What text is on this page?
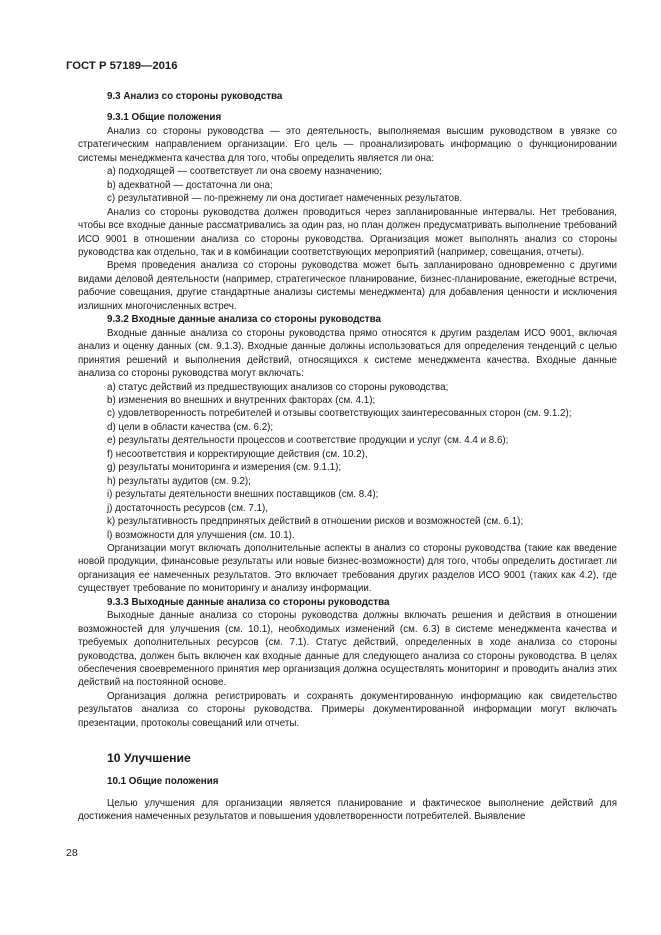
ГОСТ Р 57189—2016
9.3 Анализ со стороны руководства
9.3.1 Общие положения

Анализ со стороны руководства — это деятельность, выполняемая высшим руководством в увязке со стратегическим направлением организации. Его цель — проанализировать информацию о функционировании системы менеджмента качества для того, чтобы определить является ли она:

a) подходящей — соответствует ли она своему назначению;

b) адекватной — достаточна ли она;

c) результативной — по-прежнему ли она достигает намеченных результатов.

Анализ со стороны руководства должен проводиться через запланированные интервалы. Нет требования, чтобы все входные данные рассматривались за один раз, но план должен предусматривать выполнение требований ИСО 9001 в отношении анализа со стороны руководства. Организация может выполнять анализ со стороны руководства как отдельно, так и в комбинации соответствующих мероприятий (например, совещания, отчеты).

Время проведения анализа со стороны руководства может быть запланировано одновременно с другими видами деловой деятельности (например, стратегическое планирование, бизнес-планирование, ежегодные встречи, рабочие совещания, другие стандартные анализы системы менеджмента) для добавления ценности и исключения излишних многочисленных встреч.

9.3.2 Входные данные анализа со стороны руководства

Входные данные анализа со стороны руководства прямо относятся к другим разделам ИСО 9001, включая анализ и оценку данных (см. 9.1.3). Входные данные должны использоваться для определения тенденций с целью принятия решений и выполнения действий, относящихся к системе менеджмента качества. Входные данные анализа со стороны руководства могут включать:

a) статус действий из предшествующих анализов со стороны руководства;

b) изменения во внешних и внутренних факторах (см. 4.1);

c) удовлетворенность потребителей и отзывы соответствующих заинтересованных сторон (см. 9.1.2);

d) цели в области качества (см. 6.2);

e) результаты деятельности процессов и соответствие продукции и услуг (см. 4.4 и 8.6);

f) несоответствия и корректирующие действия (см. 10.2),

g) результаты мониторинга и измерения (см. 9.1.1);

h) результаты аудитов (см. 9.2);

i) результаты деятельности внешних поставщиков (см. 8.4);

j) достаточность ресурсов (см. 7.1),

k) результативность предпринятых действий в отношении рисков и возможностей (см. 6.1);

l) возможности для улучшения (см. 10.1).

Организации могут включать дополнительные аспекты в анализ со стороны руководства (такие как введение новой продукции, финансовые результаты или новые бизнес-возможности) для того, чтобы определить достигает ли организация ее намеченных результатов. Это включает требования других разделов ИСО 9001 (таких как 4.2), где существует требование по мониторингу и анализу информации.

9.3.3 Выходные данные анализа со стороны руководства

Выходные данные анализа со стороны руководства должны включать решения и действия в отношении возможностей для улучшения (см. 10.1), необходимых изменений (см. 6.3) в системе менеджмента качества и требуемых дополнительных ресурсов (см. 7.1). Статус действий, определенных в ходе анализа со стороны руководства, должен быть включен как входные данные для следующего анализа со стороны руководства. В целях обеспечения своевременного принятия мер организация должна осуществлять мониторинг и проводить анализ этих действий на постоянной основе.

Организация должна регистрировать и сохранять документированную информацию как свидетельство результатов анализа со стороны руководства. Примеры документированной информации могут включать презентации, протоколы совещаний или отчеты.

10 Улучшение
10.1 Общие положения

Целью улучшения для организации является планирование и фактическое выполнение действий для достижения намеченных результатов и повышения удовлетворенности потребителей. Выявление

28
